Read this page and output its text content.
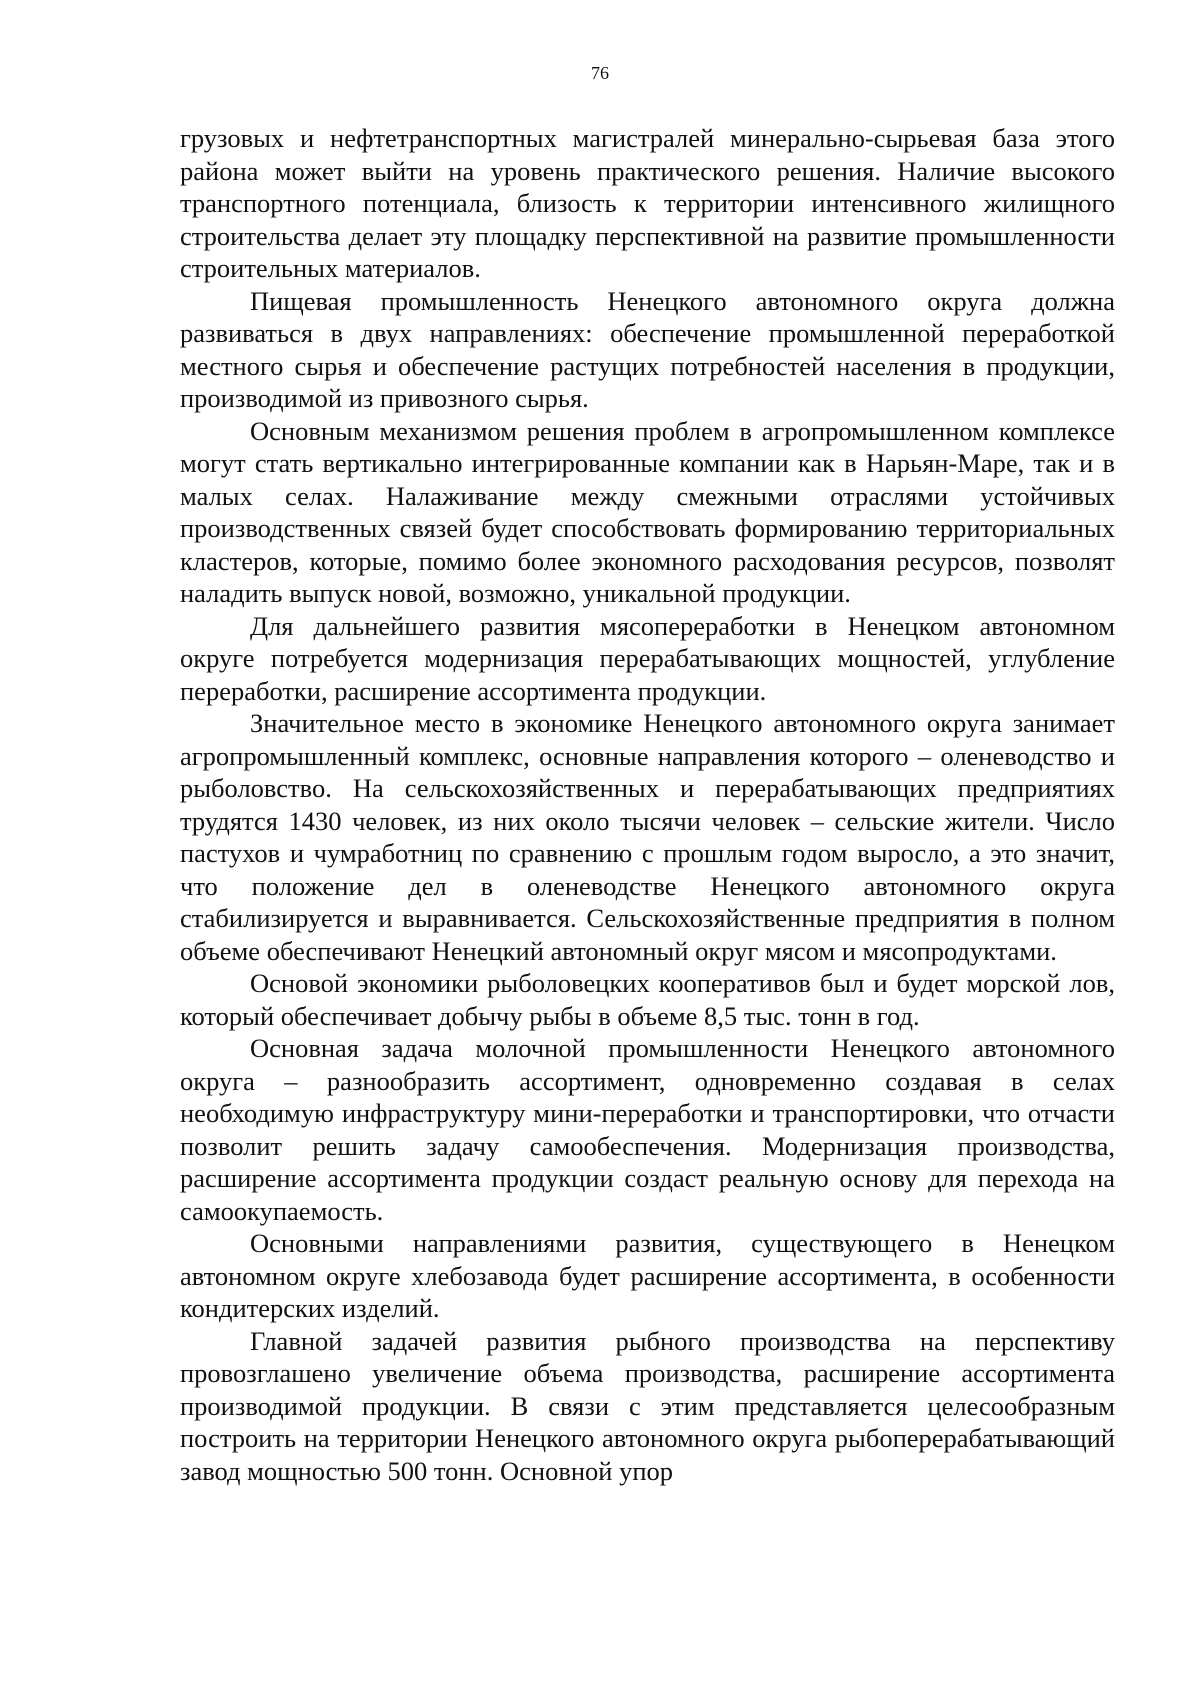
76

грузовых и нефтетранспортных магистралей минерально-сырьевая база этого района может выйти на уровень практического решения. Наличие высокого транспортного потенциала, близость к территории интенсивного жилищного строительства делает эту площадку перспективной на развитие промышленности строительных материалов.

Пищевая промышленность Ненецкого автономного округа должна развиваться в двух направлениях: обеспечение промышленной переработкой местного сырья и обеспечение растущих потребностей населения в продукции, производимой из привозного сырья.

Основным механизмом решения проблем в агропромышленном комплексе могут стать вертикально интегрированные компании как в Нарьян-Маре, так и в малых селах. Налаживание между смежными отраслями устойчивых производственных связей будет способствовать формированию территориальных кластеров, которые, помимо более экономного расходования ресурсов, позволят наладить выпуск новой, возможно, уникальной продукции.

Для дальнейшего развития мясопереработки в Ненецком автономном округе потребуется модернизация перерабатывающих мощностей, углубление переработки, расширение ассортимента продукции.

Значительное место в экономике Ненецкого автономного округа занимает агропромышленный комплекс, основные направления которого – оленеводство и рыболовство. На сельскохозяйственных и перерабатывающих предприятиях трудятся 1430 человек, из них около тысячи человек – сельские жители. Число пастухов и чумработниц по сравнению с прошлым годом выросло, а это значит, что положение дел в оленеводстве Ненецкого автономного округа стабилизируется и выравнивается. Сельскохозяйственные предприятия в полном объеме обеспечивают Ненецкий автономный округ мясом и мясопродуктами.

Основой экономики рыболовецких кооперативов был и будет морской лов, который обеспечивает добычу рыбы в объеме 8,5 тыс. тонн в год.

Основная задача молочной промышленности Ненецкого автономного округа – разнообразить ассортимент, одновременно создавая в селах необходимую инфраструктуру мини-переработки и транспортировки, что отчасти позволит решить задачу самообеспечения. Модернизация производства, расширение ассортимента продукции создаст реальную основу для перехода на самоокупаемость.

Основными направлениями развития, существующего в Ненецком автономном округе хлебозавода будет расширение ассортимента, в особенности кондитерских изделий.

Главной задачей развития рыбного производства на перспективу провозглашено увеличение объема производства, расширение ассортимента производимой продукции. В связи с этим представляется целесообразным построить на территории Ненецкого автономного округа рыбоперерабатывающий завод мощностью 500 тонн. Основной упор
